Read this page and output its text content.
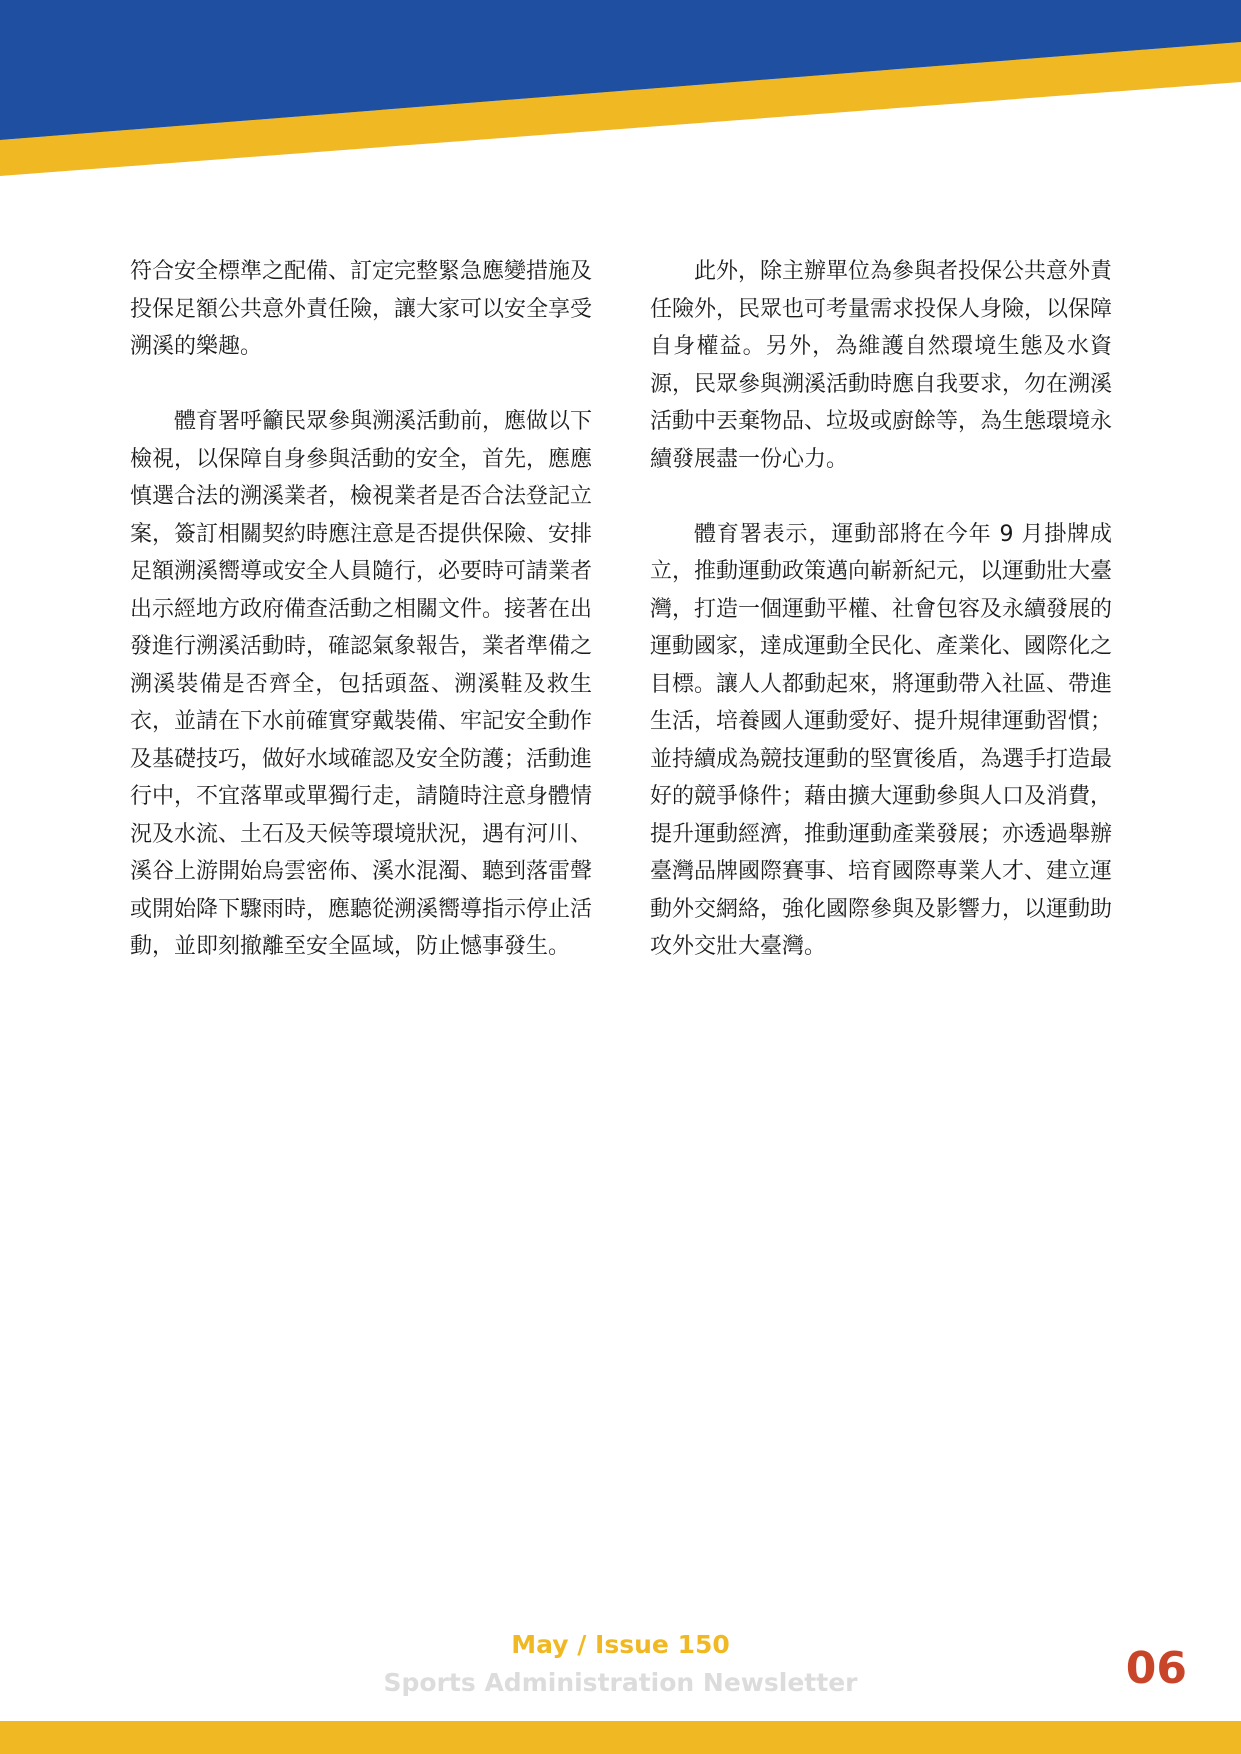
符合安全標準之配備、訂定完整緊急應變措施及投保足額公共意外責任險，讓大家可以安全享受溯溪的樂趣。

體育署呼籲民眾參與溯溪活動前，應做以下檢視，以保障自身參與活動的安全，首先，應應慎選合法的溯溪業者，檢視業者是否合法登記立案，簽訂相關契約時應注意是否提供保險、安排足額溯溪嚮導或安全人員隨行，必要時可請業者出示經地方政府備查活動之相關文件。接著在出發進行溯溪活動時，確認氣象報告，業者準備之溯溪裝備是否齊全，包括頭盔、溯溪鞋及救生衣，並請在下水前確實穿戴裝備、牢記安全動作及基礎技巧，做好水域確認及安全防護；活動進行中，不宜落單或單獨行走，請隨時注意身體情況及水流、土石及天候等環境狀況，遇有河川、溪谷上游開始烏雲密佈、溪水混濁、聽到落雷聲或開始降下驟雨時，應聽從溯溪嚮導指示停止活動，並即刻撤離至安全區域，防止憾事發生。

此外，除主辦單位為參與者投保公共意外責任險外，民眾也可考量需求投保人身險，以保障自身權益。另外，為維護自然環境生態及水資源，民眾參與溯溪活動時應自我要求，勿在溯溪活動中丟棄物品、垃圾或廚餘等，為生態環境永續發展盡一份心力。

體育署表示，運動部將在今年 9 月掛牌成立，推動運動政策邁向嶄新紀元，以運動壯大臺灣，打造一個運動平權、社會包容及永續發展的運動國家，達成運動全民化、產業化、國際化之目標。讓人人都動起來，將運動帶入社區、帶進生活，培養國人運動愛好、提升規律運動習慣；並持續成為競技運動的堅實後盾，為選手打造最好的競爭條件；藉由擴大運動參與人口及消費，提升運動經濟，推動運動產業發展；亦透過舉辦臺灣品牌國際賽事、培育國際專業人才、建立運動外交網絡，強化國際參與及影響力，以運動助攻外交壯大臺灣。

May / Issue 150
Sports Administration Newsletter	06
